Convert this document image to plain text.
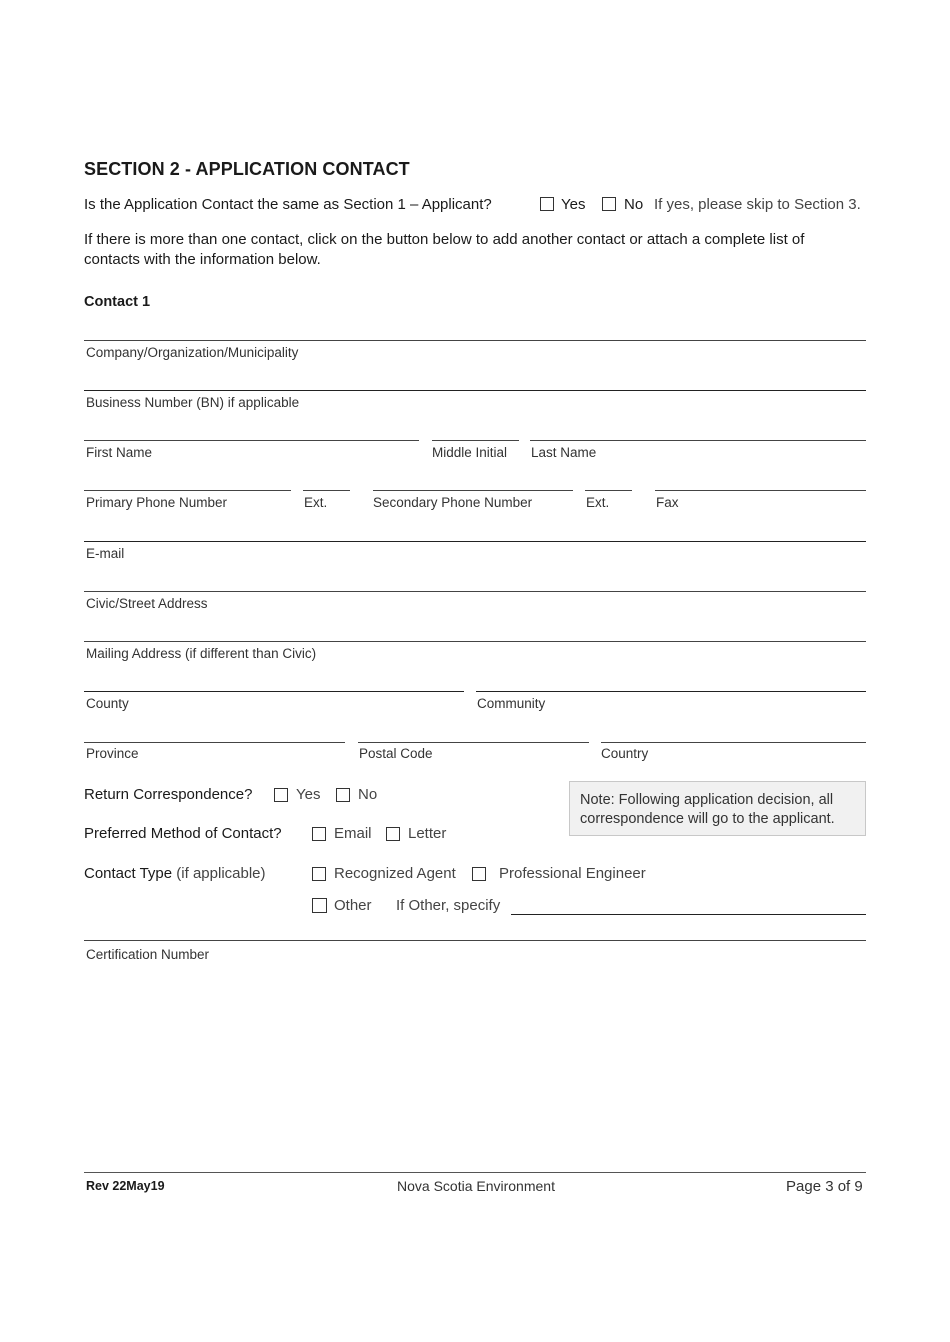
SECTION 2 - APPLICATION CONTACT
Is the Application Contact the same as Section 1 – Applicant?	Yes	No If yes, please skip to Section 3.
If there is more than one contact, click on the button below to add another contact or attach a complete list of contacts with the information below.
Contact 1
Company/Organization/Municipality
Business Number (BN) if applicable
First Name	Middle Initial Last Name
Primary Phone Number	Ext.	Secondary Phone Number	Ext.	Fax
E-mail
Civic/Street Address
Mailing Address (if different than Civic)
County	Community
Province	Postal Code	Country
Return Correspondence?	Yes	No	Note: Following application decision, all correspondence will go to the applicant.
Preferred Method of Contact?	Email Letter
Contact Type (if applicable)	Recognized Agent	Professional Engineer
Other If Other, specify
Certification Number
Rev 22May19	Nova Scotia Environment	Page 3 of 9
